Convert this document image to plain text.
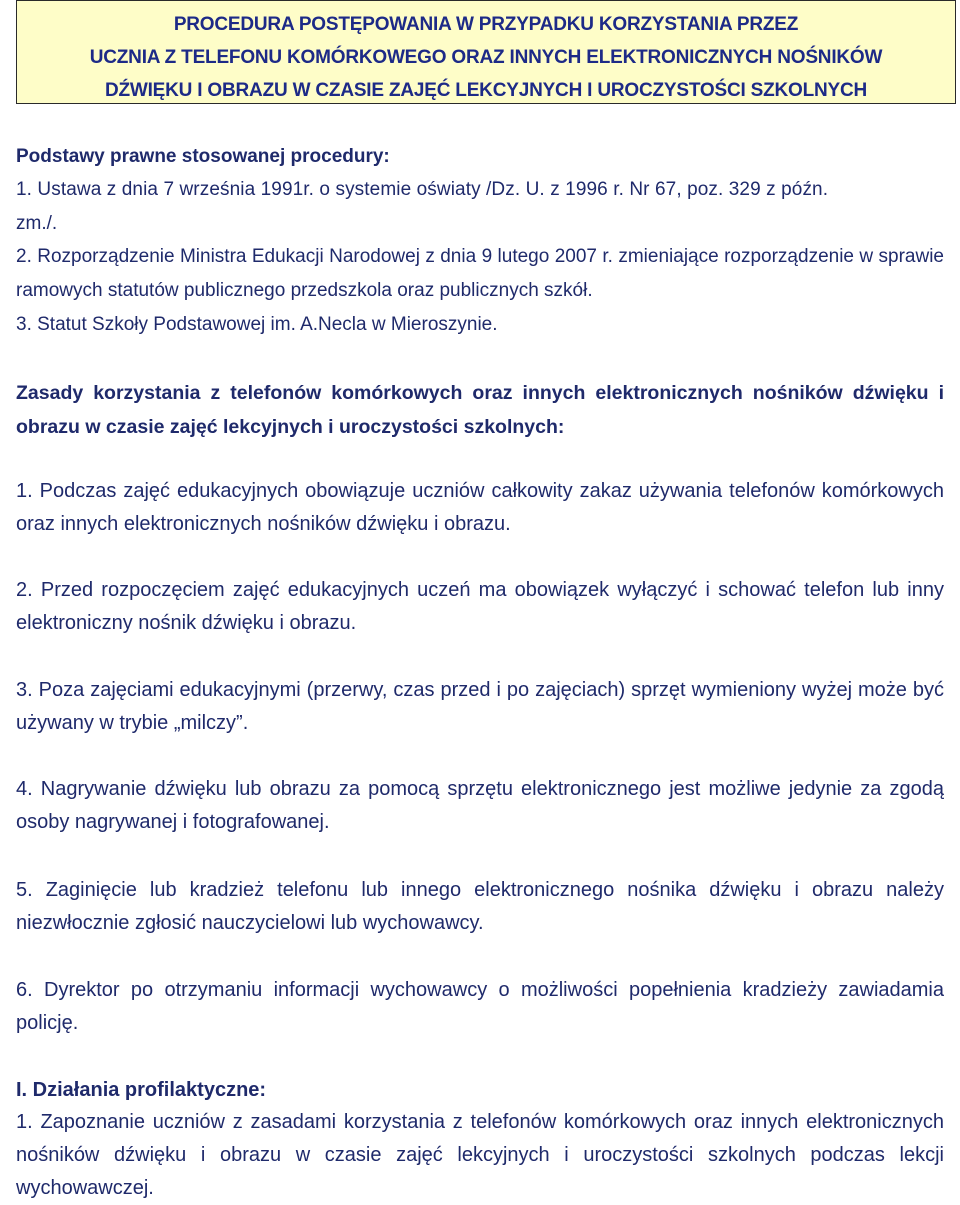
PROCEDURA POSTĘPOWANIA W PRZYPADKU KORZYSTANIA PRZEZ
UCZNIA Z TELEFONU KOMÓRKOWEGO ORAZ INNYCH ELEKTRONICZNYCH NOŚNIKÓW
DŹWIĘKU I OBRAZU W CZASIE ZAJĘĆ LEKCYJNYCH I UROCZYSTOŚCI SZKOLNYCH
Podstawy prawne stosowanej procedury:
1. Ustawa z dnia 7 września 1991r. o systemie oświaty /Dz. U. z 1996 r. Nr 67, poz. 329 z późn.
zm./.
2. Rozporządzenie Ministra Edukacji Narodowej z dnia 9 lutego 2007 r. zmieniające rozporządzenie w sprawie ramowych statutów publicznego przedszkola oraz publicznych szkół.
3. Statut Szkoły Podstawowej im. A.Necla w Mieroszynie.
Zasady korzystania z telefonów komórkowych oraz innych elektronicznych nośników dźwięku i obrazu w czasie zajęć lekcyjnych i uroczystości szkolnych:
1. Podczas zajęć edukacyjnych obowiązuje uczniów całkowity zakaz używania telefonów komórkowych oraz innych elektronicznych nośników dźwięku i obrazu.
2. Przed rozpoczęciem zajęć edukacyjnych uczeń ma obowiązek wyłączyć i schować telefon lub inny elektroniczny nośnik dźwięku i obrazu.
3. Poza zajęciami edukacyjnymi (przerwy, czas przed i po zajęciach) sprzęt wymieniony wyżej może być używany w trybie „milczy”.
4. Nagrywanie dźwięku lub obrazu za pomocą sprzętu elektronicznego jest możliwe jedynie za zgodą osoby nagrywanej i fotografowanej.
5. Zaginięcie lub kradzież telefonu lub innego elektronicznego nośnika dźwięku i obrazu należy niezwłocznie zgłosić nauczycielowi lub wychowawcy.
6. Dyrektor po otrzymaniu informacji wychowawcy o możliwości popełnienia kradzieży zawiadamia policję.
I. Działania profilaktyczne:
1. Zapoznanie uczniów z zasadami korzystania z telefonów komórkowych oraz innych elektronicznych nośników dźwięku i obrazu w czasie zajęć lekcyjnych i uroczystości szkolnych podczas lekcji wychowawczej.
